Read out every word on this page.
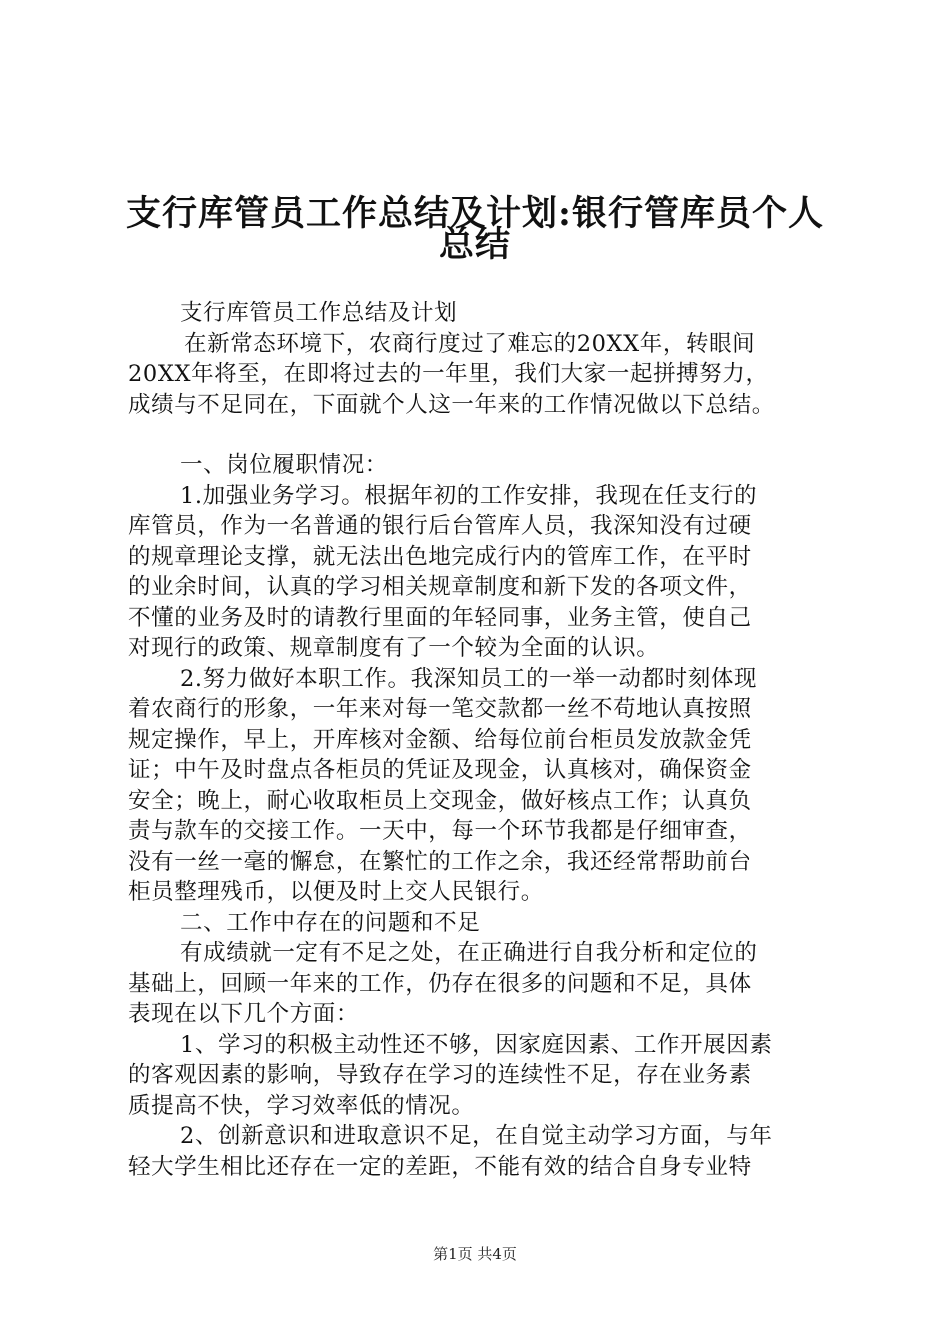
支行库管员工作总结及计划:银行管库员个人
总结
支行库管员工作总结及计划
在新常态环境下，农商行度过了难忘的20XX年，转眼间
20XX年将至，在即将过去的一年里，我们大家一起拼搏努力，
成绩与不足同在，下面就个人这一年来的工作情况做以下总结。
一、岗位履职情况：
1.加强业务学习。根据年初的工作安排，我现在任支行的
库管员，作为一名普通的银行后台管库人员，我深知没有过硬
的规章理论支撑，就无法出色地完成行内的管库工作，在平时
的业余时间，认真的学习相关规章制度和新下发的各项文件，
不懂的业务及时的请教行里面的年轻同事，业务主管，使自己
对现行的政策、规章制度有了一个较为全面的认识。
2.努力做好本职工作。我深知员工的一举一动都时刻体现
着农商行的形象，一年来对每一笔交款都一丝不苟地认真按照
规定操作，早上，开库核对金额、给每位前台柜员发放款金凭
证；中午及时盘点各柜员的凭证及现金，认真核对，确保资金
安全；晚上，耐心收取柜员上交现金，做好核点工作；认真负
责与款车的交接工作。一天中，每一个环节我都是仔细审查，
没有一丝一毫的懈怠，在繁忙的工作之余，我还经常帮助前台
柜员整理残币，以便及时上交人民银行。
二、工作中存在的问题和不足
有成绩就一定有不足之处，在正确进行自我分析和定位的
基础上，回顾一年来的工作，仍存在很多的问题和不足，具体
表现在以下几个方面：
1、学习的积极主动性还不够，因家庭因素、工作开展因素
的客观因素的影响，导致存在学习的连续性不足，存在业务素
质提高不快，学习效率低的情况。
2、创新意识和进取意识不足，在自觉主动学习方面，与年
轻大学生相比还存在一定的差距，不能有效的结合自身专业特
第1页 共4页
